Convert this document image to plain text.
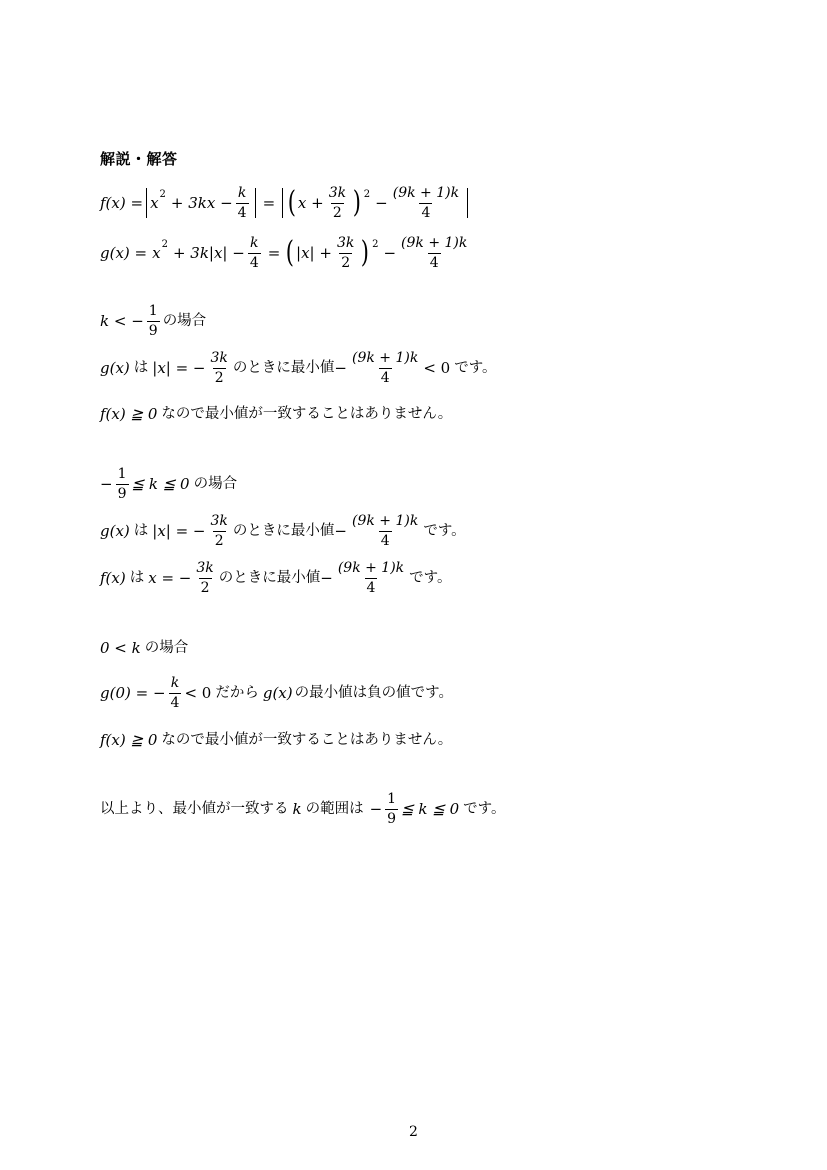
解説・解答
f(x) = x $2 + 3kx - \frac{k}{4}$ = ( $x + \frac{3k}{2}$ ) $2 - \frac{(9k + 1)k}{4}$
g(x) = x $2 + 3k|x| - \frac{k}{4}$ = ( $|x| + \frac{3k}{2}$ ) $2 - \frac{(9k + 1)k}{4}$
k < − $\frac{1}{9}$ の場合
g(x) は |x| = − $\frac{3k}{2}$ のときに最小値 − $\frac{(9k + 1)k}{4} < 0$ です。
f(x) ≧ 0 なので最小値が一致することはありません。
− $\frac{1}{9}$ ≦ k ≦ 0 の場合
g(x) は |x| = − $\frac{3k}{2}$ のときに最小値 − $\frac{(9k + 1)k}{4}$ です。
f(x) は x = − $\frac{3k}{2}$ のときに最小値 − $\frac{(9k + 1)k}{4}$ です。
0 < k の場合
g(0) = − $\frac{k}{4} < 0$ だから g(x) の最小値は負の値です。
f(x) ≧ 0 なので最小値が一致することはありません。
以上より、最小値が一致する k の範囲は − $\frac{1}{9}$ ≦ k ≦ 0 です。
2
